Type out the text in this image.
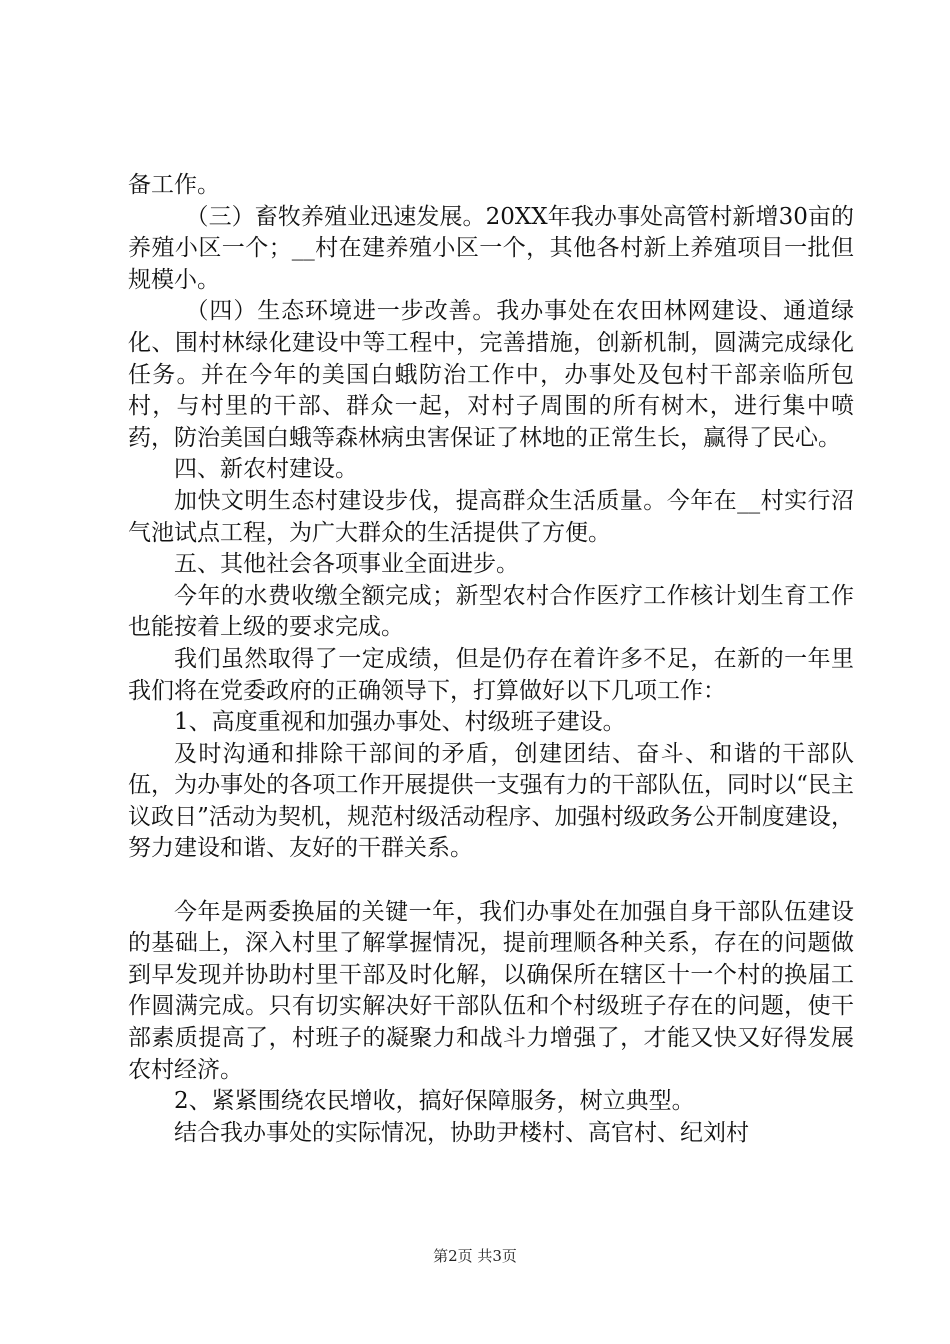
备工作。

（三）畜牧养殖业迅速发展。20XX年我办事处高管村新增30亩的养殖小区一个；__村在建养殖小区一个，其他各村新上养殖项目一批但规模小。

（四）生态环境进一步改善。我办事处在农田林网建设、通道绿化、围村林绿化建设中等工程中，完善措施，创新机制，圆满完成绿化任务。并在今年的美国白蛾防治工作中，办事处及包村干部亲临所包村，与村里的干部、群众一起，对村子周围的所有树木，进行集中喷药，防治美国白蛾等森林病虫害保证了林地的正常生长，赢得了民心。

四、新农村建设。

加快文明生态村建设步伐，提高群众生活质量。今年在__村实行沼气池试点工程，为广大群众的生活提供了方便。

五、其他社会各项事业全面进步。

今年的水费收缴全额完成；新型农村合作医疗工作核计划生育工作也能按着上级的要求完成。

我们虽然取得了一定成绩，但是仍存在着许多不足，在新的一年里我们将在党委政府的正确领导下，打算做好以下几项工作：

1、高度重视和加强办事处、村级班子建设。

及时沟通和排除干部间的矛盾，创建团结、奋斗、和谐的干部队伍，为办事处的各项工作开展提供一支强有力的干部队伍，同时以“民主议政日”活动为契机，规范村级活动程序、加强村级政务公开制度建设，努力建设和谐、友好的干群关系。

今年是两委换届的关键一年，我们办事处在加强自身干部队伍建设的基础上，深入村里了解掌握情况，提前理顺各种关系，存在的问题做到早发现并协助村里干部及时化解，以确保所在辖区十一个村的换届工作圆满完成。只有切实解决好干部队伍和个村级班子存在的问题，使干部素质提高了，村班子的凝聚力和战斗力增强了，才能又快又好得发展农村经济。

2、紧紧围绕农民增收，搞好保障服务，树立典型。

结合我办事处的实际情况，协助尹楼村、高官村、纪刘村

第2页 共3页
